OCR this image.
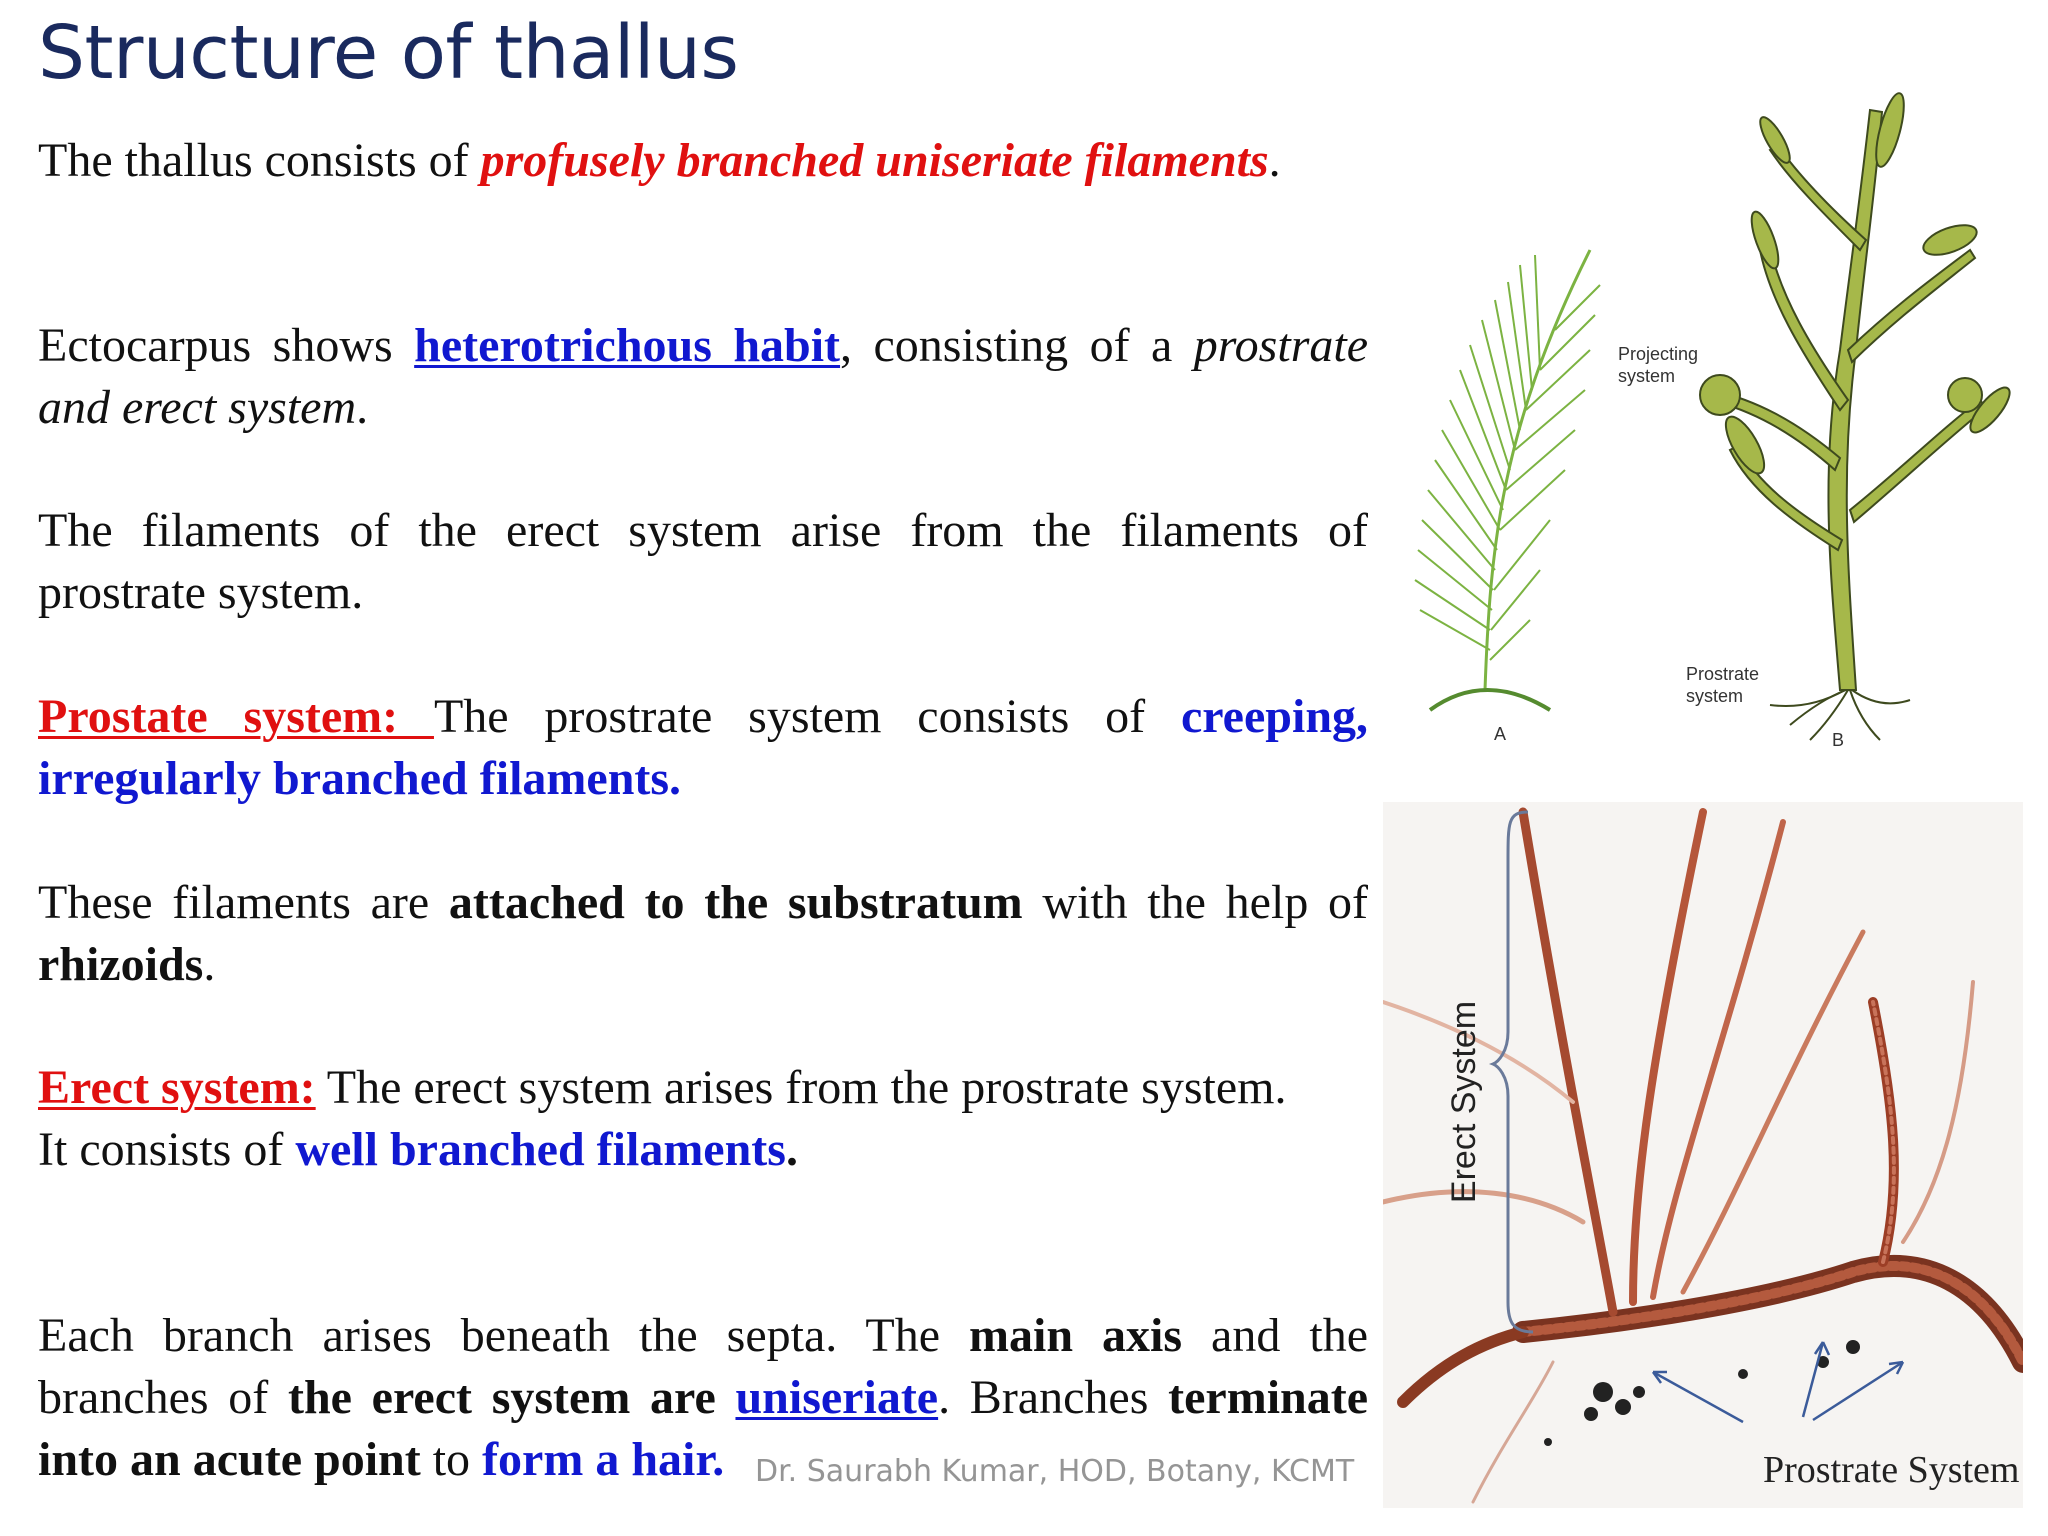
Structure of thallus

The thallus consists of profusely branched uniseriate filaments.

Ectocarpus shows heterotrichous habit, consisting of a prostrate and erect system.

The filaments of the erect system arise from the filaments of prostrate system.

Prostate system: The prostrate system consists of creeping, irregularly branched filaments.

These filaments are attached to the substratum with the help of rhizoids.

Erect system: The erect system arises from the prostrate system.
It consists of well branched filaments.

Each branch arises beneath the septa. The main axis and the branches of the erect system are uniseriate. Branches terminate into an acute point to form a hair.	Dr. Saurabh Kumar, HOD, Botany, KCMT
A
Projecting
system
Prostrate
system
B
Erect System
Prostrate System
